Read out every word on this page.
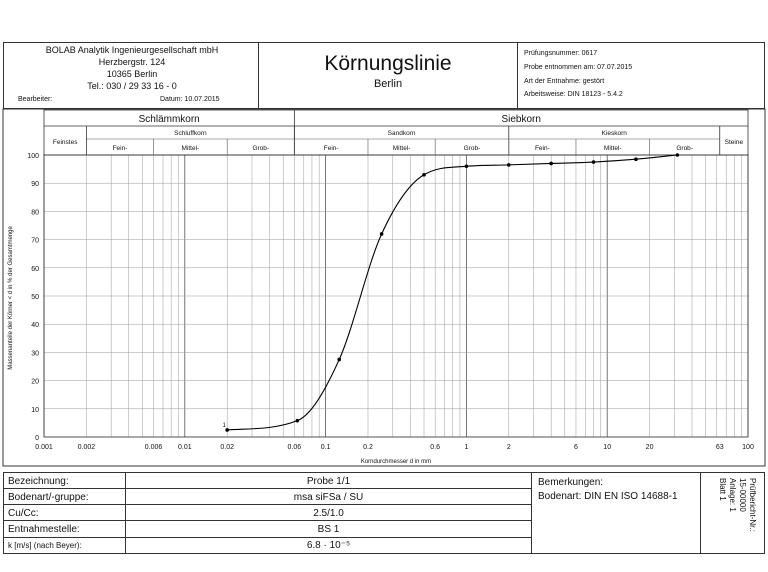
BOLAB Analytik Ingenieurgesellschaft mbH
Herzbergstr. 124
10365 Berlin
Tel.: 030 / 29 33 16 - 0
Bearbeiter:	Datum: 10.07.2015
Körnungslinie
Berlin
Prüfungsnummer: 0617
Probe entnommen am: 07.07.2015
Art der Entnahme: gestört
Arbeitsweise: DIN 18123 - 5.4.2
Schlämmkorn	Siebkorn
Feinstes
Schluffkorn	Sandkorn	Kieskorn
Steine
Fein-	Mittel-	Grob-	Fein-	Mittel-	Grob-	Fein-	Mittel-	Grob-
0
10
20
30
40
50
60
70
80
90
100
0.001	0.002	0.006 0.01	0.02	0.06	0.1	0.2	0.6	1	2	6	10	20	63	100
1
Korndurchmesser d in mm
Massenanteile der Körner < d in % der Gesamtmenge
Bezeichnung:	Probe 1/1
Bodenart/-gruppe:	msa siFSa / SU
Cu/Cc:	2.5/1.0
Entnahmestelle:	BS 1
k [m/s] (nach Beyer):	6.8 · 10⁻⁵
Bemerkungen:
Bodenart: DIN EN ISO 14688-1	Prüfbericht-Nr.:
15-00000
Anlage: 1
Blatt 1
